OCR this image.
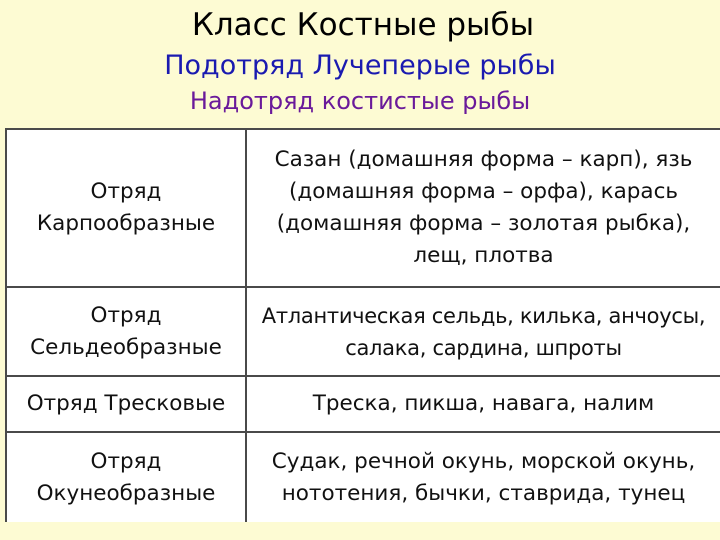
Класс Костные рыбы
Подотряд Лучеперые рыбы
Надотряд костистые рыбы
Отряд
Карпообразные
Сазан (домашняя форма – карп), язь
(домашняя форма – орфа), карась
(домашняя форма – золотая рыбка),
лещ, плотва
Отряд
Сельдеобразные
Атлантическая сельдь, килька, анчоусы,
салака, сардина, шпроты
Отряд Тресковые	Треска, пикша, навага, налим
Отряд
Окунеобразные
Судак, речной окунь, морской окунь,
нототения, бычки, ставрида, тунец
